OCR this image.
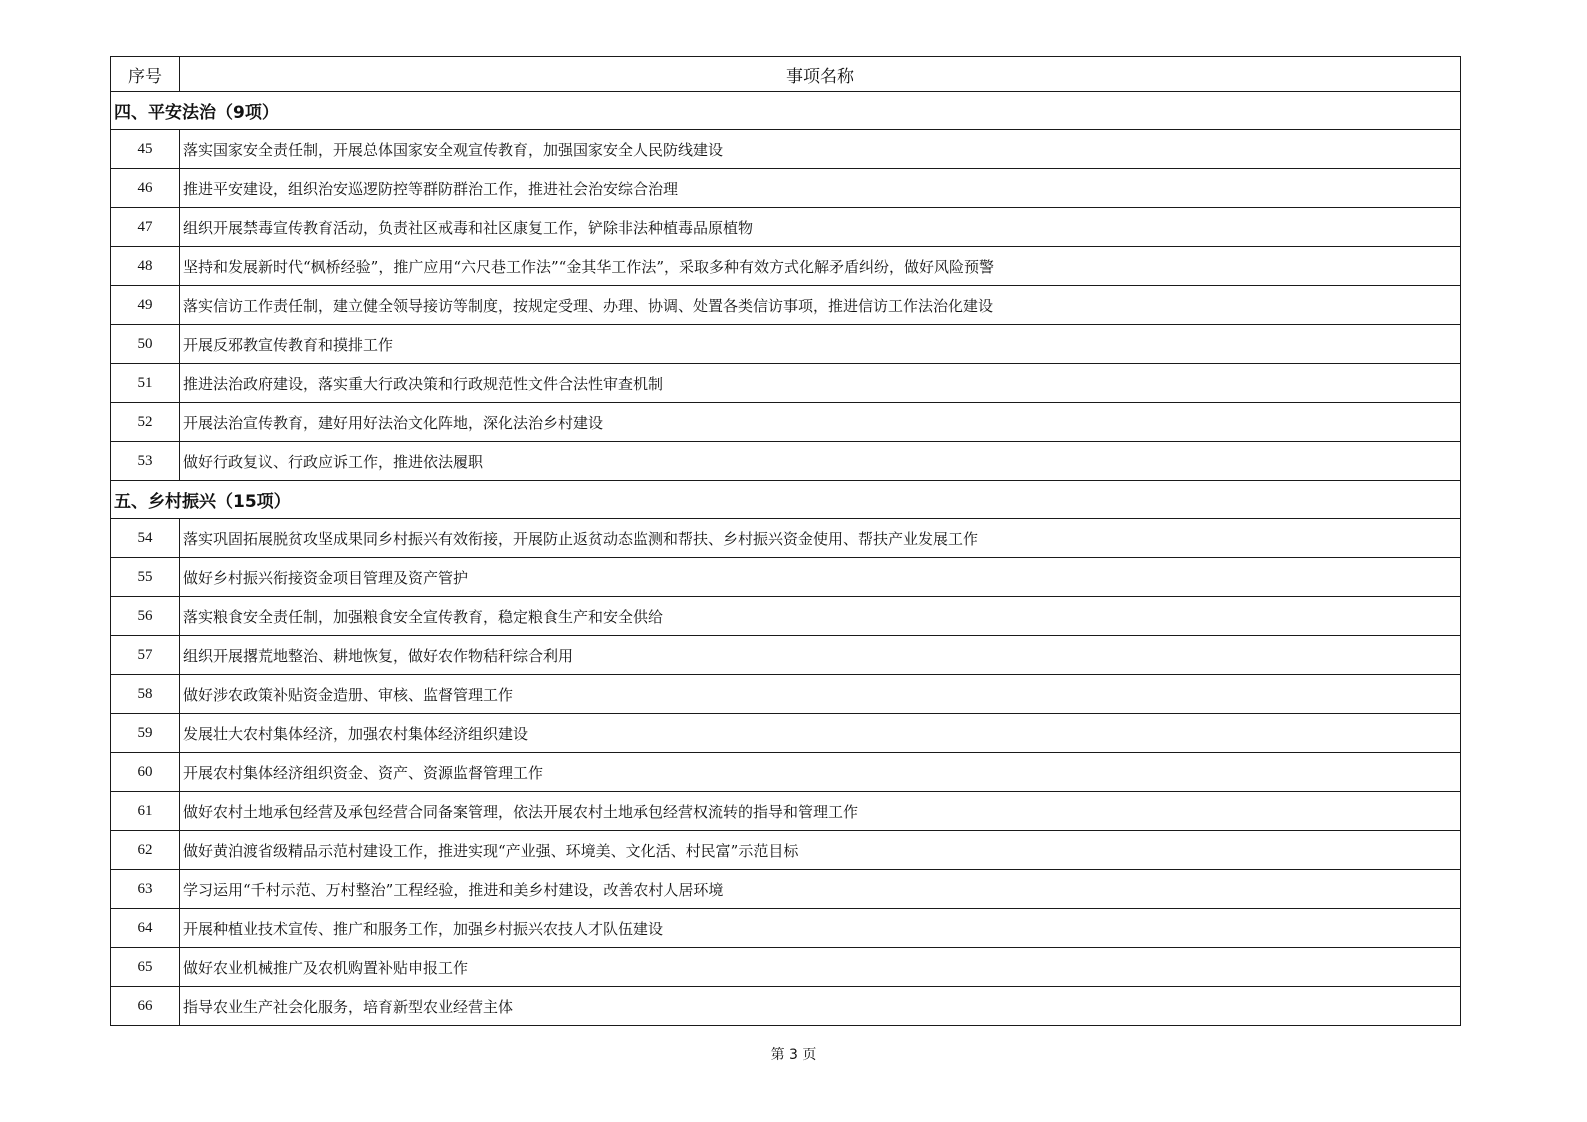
序号	事项名称
四、平安法治（9项）	
45	落实国家安全责任制，开展总体国家安全观宣传教育，加强国家安全人民防线建设
46	推进平安建设，组织治安巡逻防控等群防群治工作，推进社会治安综合治理
47	组织开展禁毒宣传教育活动，负责社区戒毒和社区康复工作，铲除非法种植毒品原植物
48	坚持和发展新时代“枫桥经验”，推广应用“六尺巷工作法”“金其华工作法”，采取多种有效方式化解矛盾纠纷，做好风险预警
49	落实信访工作责任制，建立健全领导接访等制度，按规定受理、办理、协调、处置各类信访事项，推进信访工作法治化建设
50	开展反邪教宣传教育和摸排工作
51	推进法治政府建设，落实重大行政决策和行政规范性文件合法性审查机制
52	开展法治宣传教育，建好用好法治文化阵地，深化法治乡村建设
53	做好行政复议、行政应诉工作，推进依法履职
五、乡村振兴（15项）	
54	落实巩固拓展脱贫攻坚成果同乡村振兴有效衔接，开展防止返贫动态监测和帮扶、乡村振兴资金使用、帮扶产业发展工作
55	做好乡村振兴衔接资金项目管理及资产管护
56	落实粮食安全责任制，加强粮食安全宣传教育，稳定粮食生产和安全供给
57	组织开展撂荒地整治、耕地恢复，做好农作物秸秆综合利用
58	做好涉农政策补贴资金造册、审核、监督管理工作
59	发展壮大农村集体经济，加强农村集体经济组织建设
60	开展农村集体经济组织资金、资产、资源监督管理工作
61	做好农村土地承包经营及承包经营合同备案管理，依法开展农村土地承包经营权流转的指导和管理工作
62	做好黄泊渡省级精品示范村建设工作，推进实现“产业强、环境美、文化活、村民富”示范目标
63	学习运用“千村示范、万村整治”工程经验，推进和美乡村建设，改善农村人居环境
64	开展种植业技术宣传、推广和服务工作，加强乡村振兴农技人才队伍建设
65	做好农业机械推广及农机购置补贴申报工作
66	指导农业生产社会化服务，培育新型农业经营主体
第 3 页
